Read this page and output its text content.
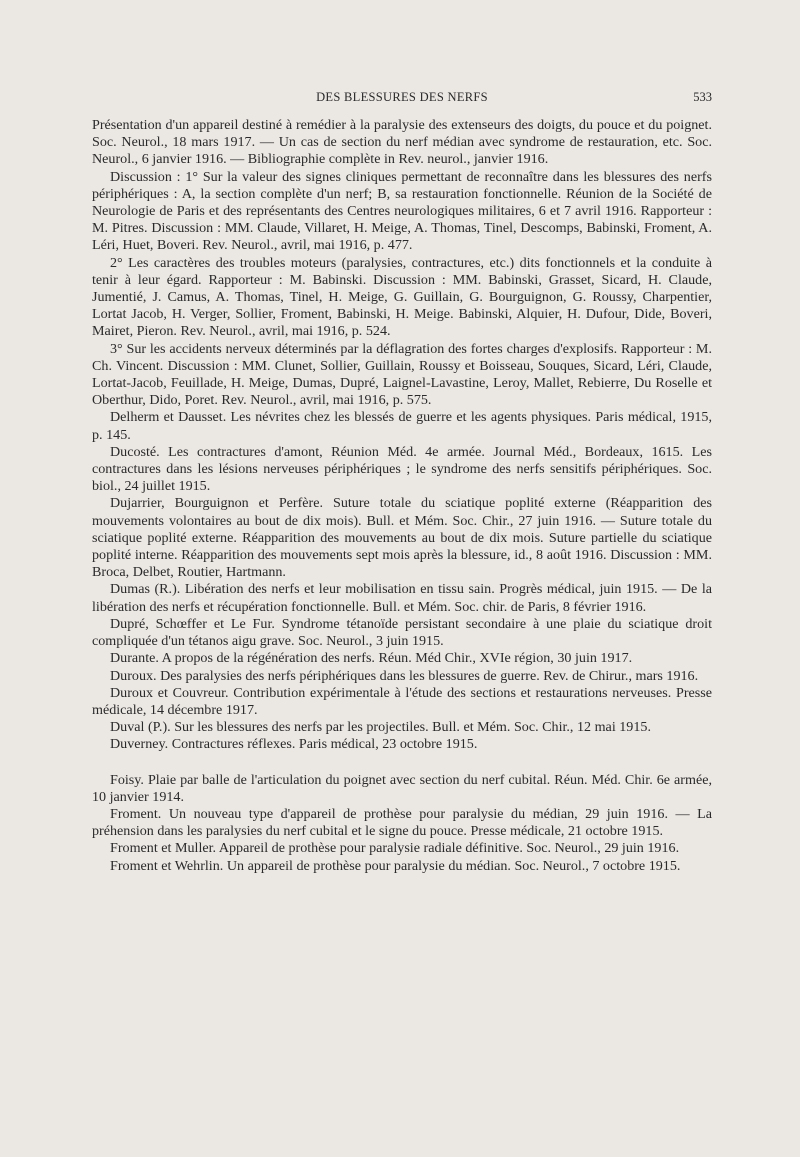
DES BLESSURES DES NERFS	533

Présentation d'un appareil destiné à remédier à la paralysie des extenseurs des doigts, du pouce et du poignet. Soc. Neurol., 18 mars 1917. — Un cas de section du nerf médian avec syndrome de restauration, etc. Soc. Neurol., 6 janvier 1916. — Bibliographie complète in Rev. neurol., janvier 1916.

Discussion : 1° Sur la valeur des signes cliniques permettant de reconnaître dans les blessures des nerfs périphériques : A, la section complète d'un nerf; B, sa restauration fonctionnelle. Réunion de la Société de Neurologie de Paris et des représentants des Centres neurologiques militaires, 6 et 7 avril 1916. Rapporteur : M. Pitres. Discussion : MM. Claude, Villaret, H. Meige, A. Thomas, Tinel, Descomps, Babinski, Froment, A. Léri, Huet, Boveri. Rev. Neurol., avril, mai 1916, p. 477.

2° Les caractères des troubles moteurs (paralysies, contractures, etc.) dits fonctionnels et la conduite à tenir à leur égard. Rapporteur : M. Babinski. Discussion : MM. Babinski, Grasset, Sicard, H. Claude, Jumentié, J. Camus, A. Thomas, Tinel, H. Meige, G. Guillain, G. Bourguignon, G. Roussy, Charpentier, Lortat Jacob, H. Verger, Sollier, Froment, Babinski, H. Meige. Babinski, Alquier, H. Dufour, Dide, Boveri, Mairet, Pieron. Rev. Neurol., avril, mai 1916, p. 524.

3° Sur les accidents nerveux déterminés par la déflagration des fortes charges d'explosifs. Rapporteur : M. Ch. Vincent. Discussion : MM. Clunet, Sollier, Guillain, Roussy et Boisseau, Souques, Sicard, Léri, Claude, Lortat-Jacob, Feuillade, H. Meige, Dumas, Dupré, Laignel-Lavastine, Leroy, Mallet, Rebierre, Du Roselle et Oberthur, Dido, Poret. Rev. Neurol., avril, mai 1916, p. 575.

Delherm et Dausset. Les névrites chez les blessés de guerre et les agents physiques. Paris médical, 1915, p. 145.

Ducosté. Les contractures d'amont, Réunion Méd. 4e armée. Journal Méd., Bordeaux, 1615. Les contractures dans les lésions nerveuses périphériques ; le syndrome des nerfs sensitifs périphériques. Soc. biol., 24 juillet 1915.

Dujarrier, Bourguignon et Perfère. Suture totale du sciatique poplité externe (Réapparition des mouvements volontaires au bout de dix mois). Bull. et Mém. Soc. Chir., 27 juin 1916. — Suture totale du sciatique poplité externe. Réapparition des mouvements au bout de dix mois. Suture partielle du sciatique poplité interne. Réapparition des mouvements sept mois après la blessure, id., 8 août 1916. Discussion : MM. Broca, Delbet, Routier, Hartmann.

Dumas (R.). Libération des nerfs et leur mobilisation en tissu sain. Progrès médical, juin 1915. — De la libération des nerfs et récupération fonctionnelle. Bull. et Mém. Soc. chir. de Paris, 8 février 1916.

Dupré, Schœffer et Le Fur. Syndrome tétanoïde persistant secondaire à une plaie du sciatique droit compliquée d'un tétanos aigu grave. Soc. Neurol., 3 juin 1915.

Durante. A propos de la régénération des nerfs. Réun. Méd Chir., XVIe région, 30 juin 1917.

Duroux. Des paralysies des nerfs périphériques dans les blessures de guerre. Rev. de Chirur., mars 1916.

Duroux et Couvreur. Contribution expérimentale à l'étude des sections et restaurations nerveuses. Presse médicale, 14 décembre 1917.

Duval (P.). Sur les blessures des nerfs par les projectiles. Bull. et Mém. Soc. Chir., 12 mai 1915.

Duverney. Contractures réflexes. Paris médical, 23 octobre 1915.

Foisy. Plaie par balle de l'articulation du poignet avec section du nerf cubital. Réun. Méd. Chir. 6e armée, 10 janvier 1914.

Froment. Un nouveau type d'appareil de prothèse pour paralysie du médian, 29 juin 1916. — La préhension dans les paralysies du nerf cubital et le signe du pouce. Presse médicale, 21 octobre 1915.

Froment et Muller. Appareil de prothèse pour paralysie radiale définitive. Soc. Neurol., 29 juin 1916.

Froment et Wehrlin. Un appareil de prothèse pour paralysie du médian. Soc. Neurol., 7 octobre 1915.
